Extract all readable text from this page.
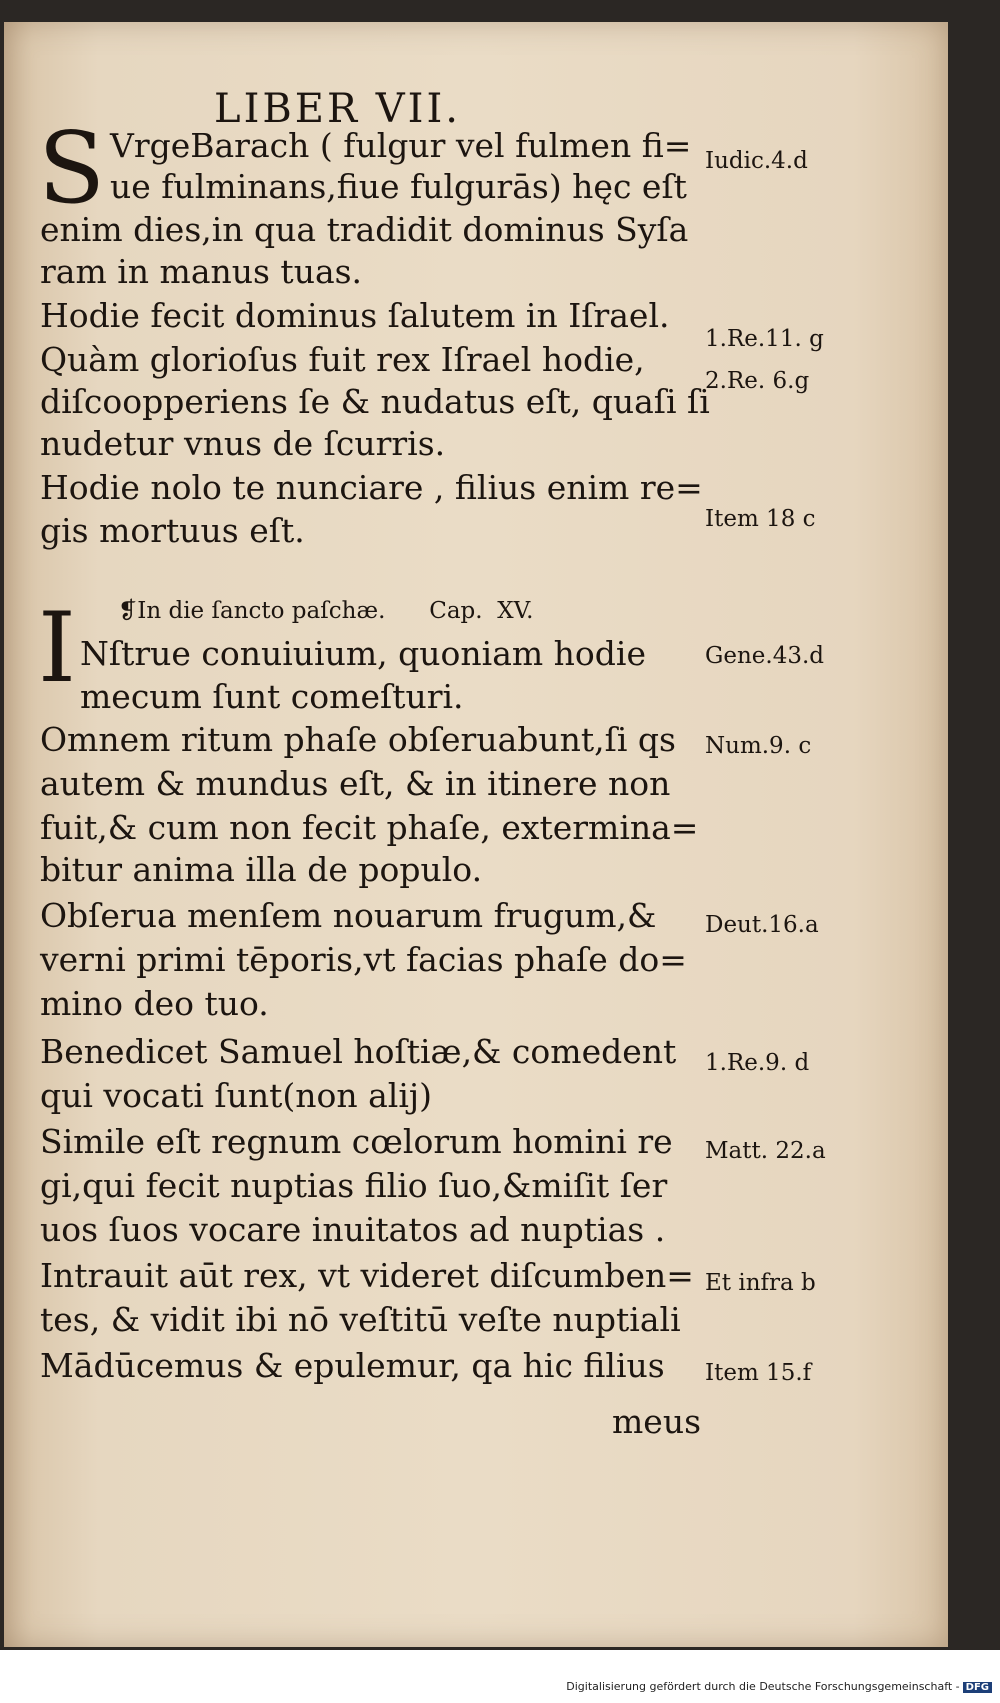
LIBER VII.
S VrgeBarach ( fulgur vel fulmen fi=
ue fulminans,fiue fulgurās) hęc eſt
enim dies,in qua tradidit dominus Syſa
ram in manus tuas.
Hodie fecit dominus ſalutem in Iſrael.
Quàm glorioſus fuit rex Iſrael hodie,
diſcoopperiens ſe & nudatus eſt, quaſi ſi
nudetur vnus de ſcurris.
Hodie nolo te nunciare , filius enim re=
gis mortuus eſt.
❡In die ſancto paſchæ.      Cap.  XV.
I Nſtrue conuiuium, quoniam hodie
mecum ſunt comeſturi.
Omnem ritum phaſe obſeruabunt,ſi qs
autem & mundus eſt, & in itinere non
fuit,& cum non fecit phaſe, extermina=
bitur anima illa de populo.
Obſerua menſem nouarum frugum,&
verni primi tēporis,vt facias phaſe do=
mino deo tuo.
Benedicet Samuel hoſtiæ,& comedent
qui vocati ſunt(non alij)
Simile eſt regnum cœlorum homini re
gi,qui fecit nuptias filio ſuo,&miſit ſer
uos ſuos vocare inuitatos ad nuptias .
Intrauit aūt rex, vt videret diſcumben=
tes, & vidit ibi nō veſtitū veſte nuptiali
Mādūcemus & epulemur, qa hic filius
meus
Iudic.4.d
1.Re.11. g
2.Re. 6.g
Item 18 c
Gene.43.d
Num.9. c
Deut.16.a
1.Re.9. d
Matt. 22.a
Et infra b
Item 15.f
Digitalisierung gefördert durch die Deutsche Forschungsgemeinschaft - DFG
